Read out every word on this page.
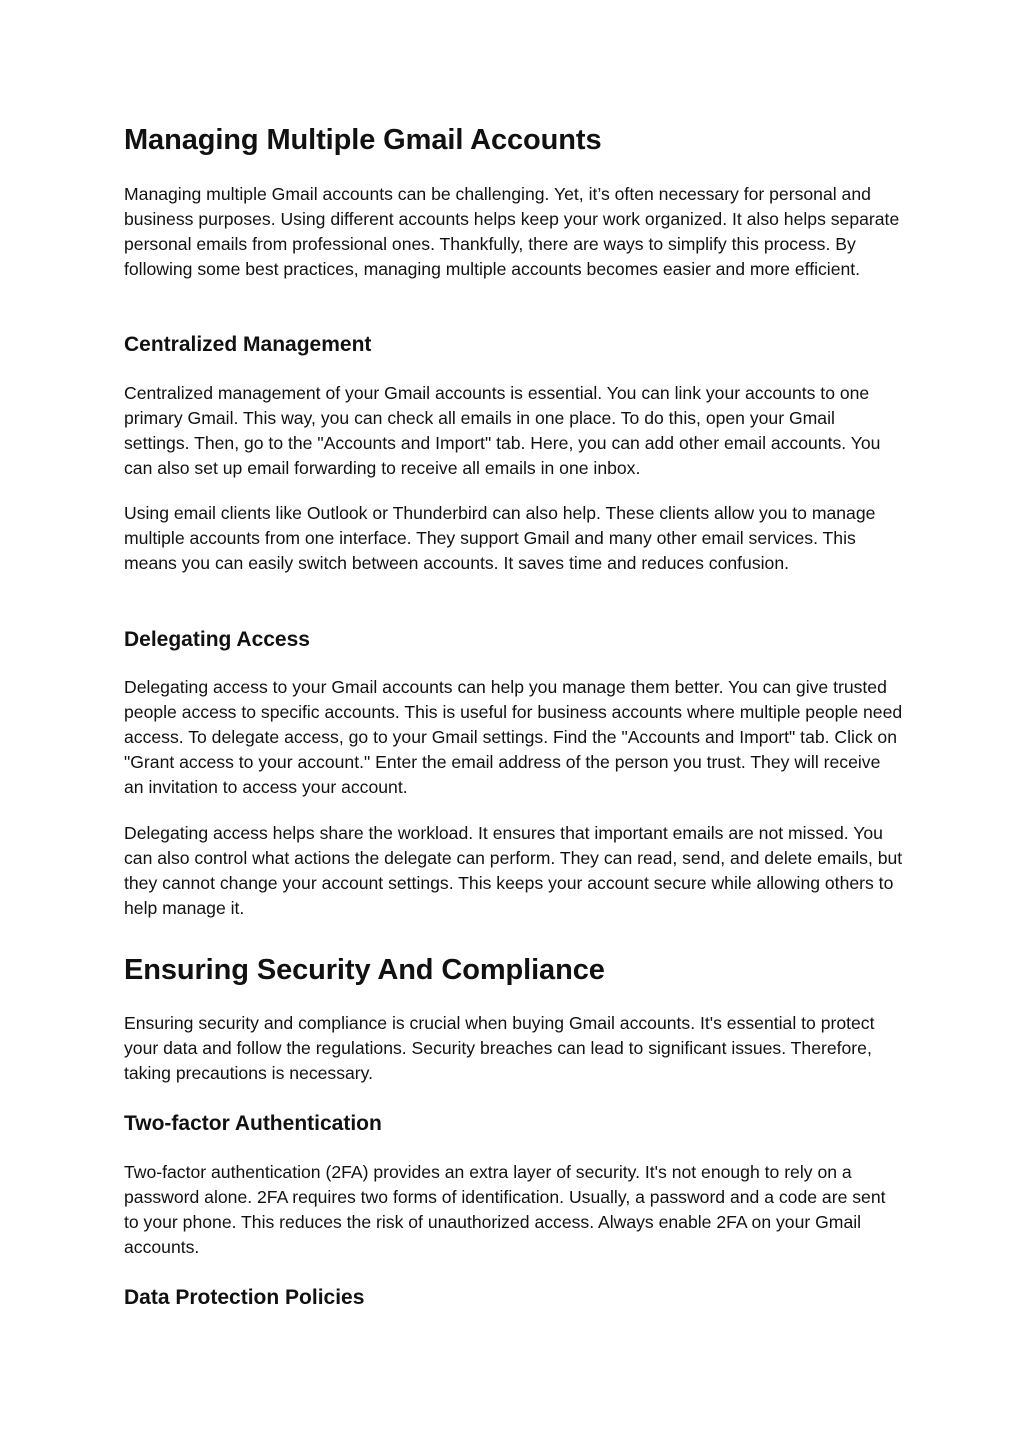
Managing Multiple Gmail Accounts

Managing multiple Gmail accounts can be challenging. Yet, it’s often necessary for personal and business purposes. Using different accounts helps keep your work organized. It also helps separate personal emails from professional ones. Thankfully, there are ways to simplify this process. By following some best practices, managing multiple accounts becomes easier and more efficient.

Centralized Management

Centralized management of your Gmail accounts is essential. You can link your accounts to one primary Gmail. This way, you can check all emails in one place. To do this, open your Gmail settings. Then, go to the "Accounts and Import" tab. Here, you can add other email accounts. You can also set up email forwarding to receive all emails in one inbox.

Using email clients like Outlook or Thunderbird can also help. These clients allow you to manage multiple accounts from one interface. They support Gmail and many other email services. This means you can easily switch between accounts. It saves time and reduces confusion.

Delegating Access

Delegating access to your Gmail accounts can help you manage them better. You can give trusted people access to specific accounts. This is useful for business accounts where multiple people need access. To delegate access, go to your Gmail settings. Find the "Accounts and Import" tab. Click on "Grant access to your account." Enter the email address of the person you trust. They will receive an invitation to access your account.

Delegating access helps share the workload. It ensures that important emails are not missed. You can also control what actions the delegate can perform. They can read, send, and delete emails, but they cannot change your account settings. This keeps your account secure while allowing others to help manage it.

Ensuring Security And Compliance

Ensuring security and compliance is crucial when buying Gmail accounts. It's essential to protect your data and follow the regulations. Security breaches can lead to significant issues. Therefore, taking precautions is necessary.

Two-factor Authentication

Two-factor authentication (2FA) provides an extra layer of security. It's not enough to rely on a password alone. 2FA requires two forms of identification. Usually, a password and a code are sent to your phone. This reduces the risk of unauthorized access. Always enable 2FA on your Gmail accounts.

Data Protection Policies
